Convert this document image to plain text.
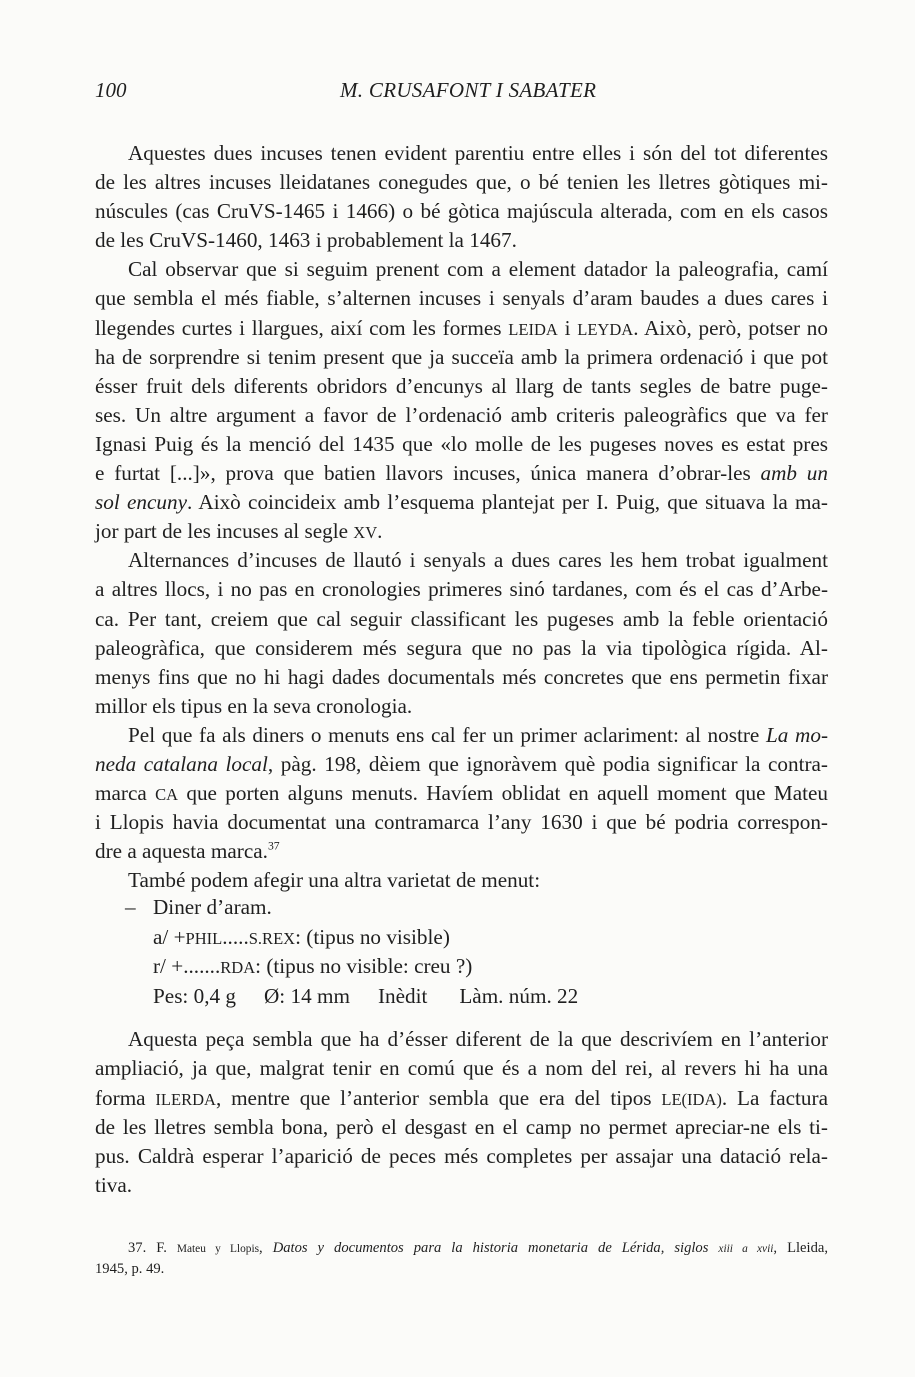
100	M. CRUSAFONT I SABATER
Aquestes dues incuses tenen evident parentiu entre elles i són del tot diferentes
de les altres incuses lleidatanes conegudes que, o bé tenien les lletres gòtiques mi-
núscules (cas CruVS-1465 i 1466) o bé gòtica majúscula alterada, com en els casos
de les CruVS-1460, 1463 i probablement la 1467.
Cal observar que si seguim prenent com a element datador la paleografia, camí
que sembla el més fiable, s’alternen incuses i senyals d’aram baudes a dues cares i
llegendes curtes i llargues, així com les formes LEIDA i LEYDA. Això, però, potser no
ha de sorprendre si tenim present que ja succeïa amb la primera ordenació i que pot
ésser fruit dels diferents obridors d’encunys al llarg de tants segles de batre puge-
ses. Un altre argument a favor de l’ordenació amb criteris paleogràfics que va fer
Ignasi Puig és la menció del 1435 que «lo molle de les pugeses noves es estat pres
e furtat [...]», prova que batien llavors incuses, única manera d’obrar-les amb un
sol encuny. Això coincideix amb l’esquema plantejat per I. Puig, que situava la ma-
jor part de les incuses al segle XV.
Alternances d’incuses de llautó i senyals a dues cares les hem trobat igualment
a altres llocs, i no pas en cronologies primeres sinó tardanes, com és el cas d’Arbe-
ca. Per tant, creiem que cal seguir classificant les pugeses amb la feble orientació
paleogràfica, que considerem més segura que no pas la via tipològica rígida. Al-
menys fins que no hi hagi dades documentals més concretes que ens permetin fixar
millor els tipus en la seva cronologia.
Pel que fa als diners o menuts ens cal fer un primer aclariment: al nostre La mo-
neda catalana local, pàg. 198, dèiem que ignoràvem què podia significar la contra-
marca CA que porten alguns menuts. Havíem oblidat en aquell moment que Mateu
i Llopis havia documentat una contramarca l’any 1630 i que bé podria correspon-
dre a aquesta marca.$^{37}$
També podem afegir una altra varietat de menut:
– Diner d’aram.
a/ +PHIL.....S.REX: (tipus no visible)
r/ +.......RDA: (tipus no visible: creu ?)
Pes: 0,4 g Ø: 14 mm Inèdit Làm. núm. 22
Aquesta peça sembla que ha d’ésser diferent de la que descrivíem en l’anterior
ampliació, ja que, malgrat tenir en comú que és a nom del rei, al revers hi ha una
forma ILERDA, mentre que l’anterior sembla que era del tipos LE(IDA). La factura
de les lletres sembla bona, però el desgast en el camp no permet apreciar-ne els ti-
pus. Caldrà esperar l’aparició de peces més completes per assajar una datació rela-
tiva.
37. F. Mateu y Llopis, Datos y documentos para la historia monetaria de Lérida, siglos xiii a xvii, Lleida,
1945, p. 49.
